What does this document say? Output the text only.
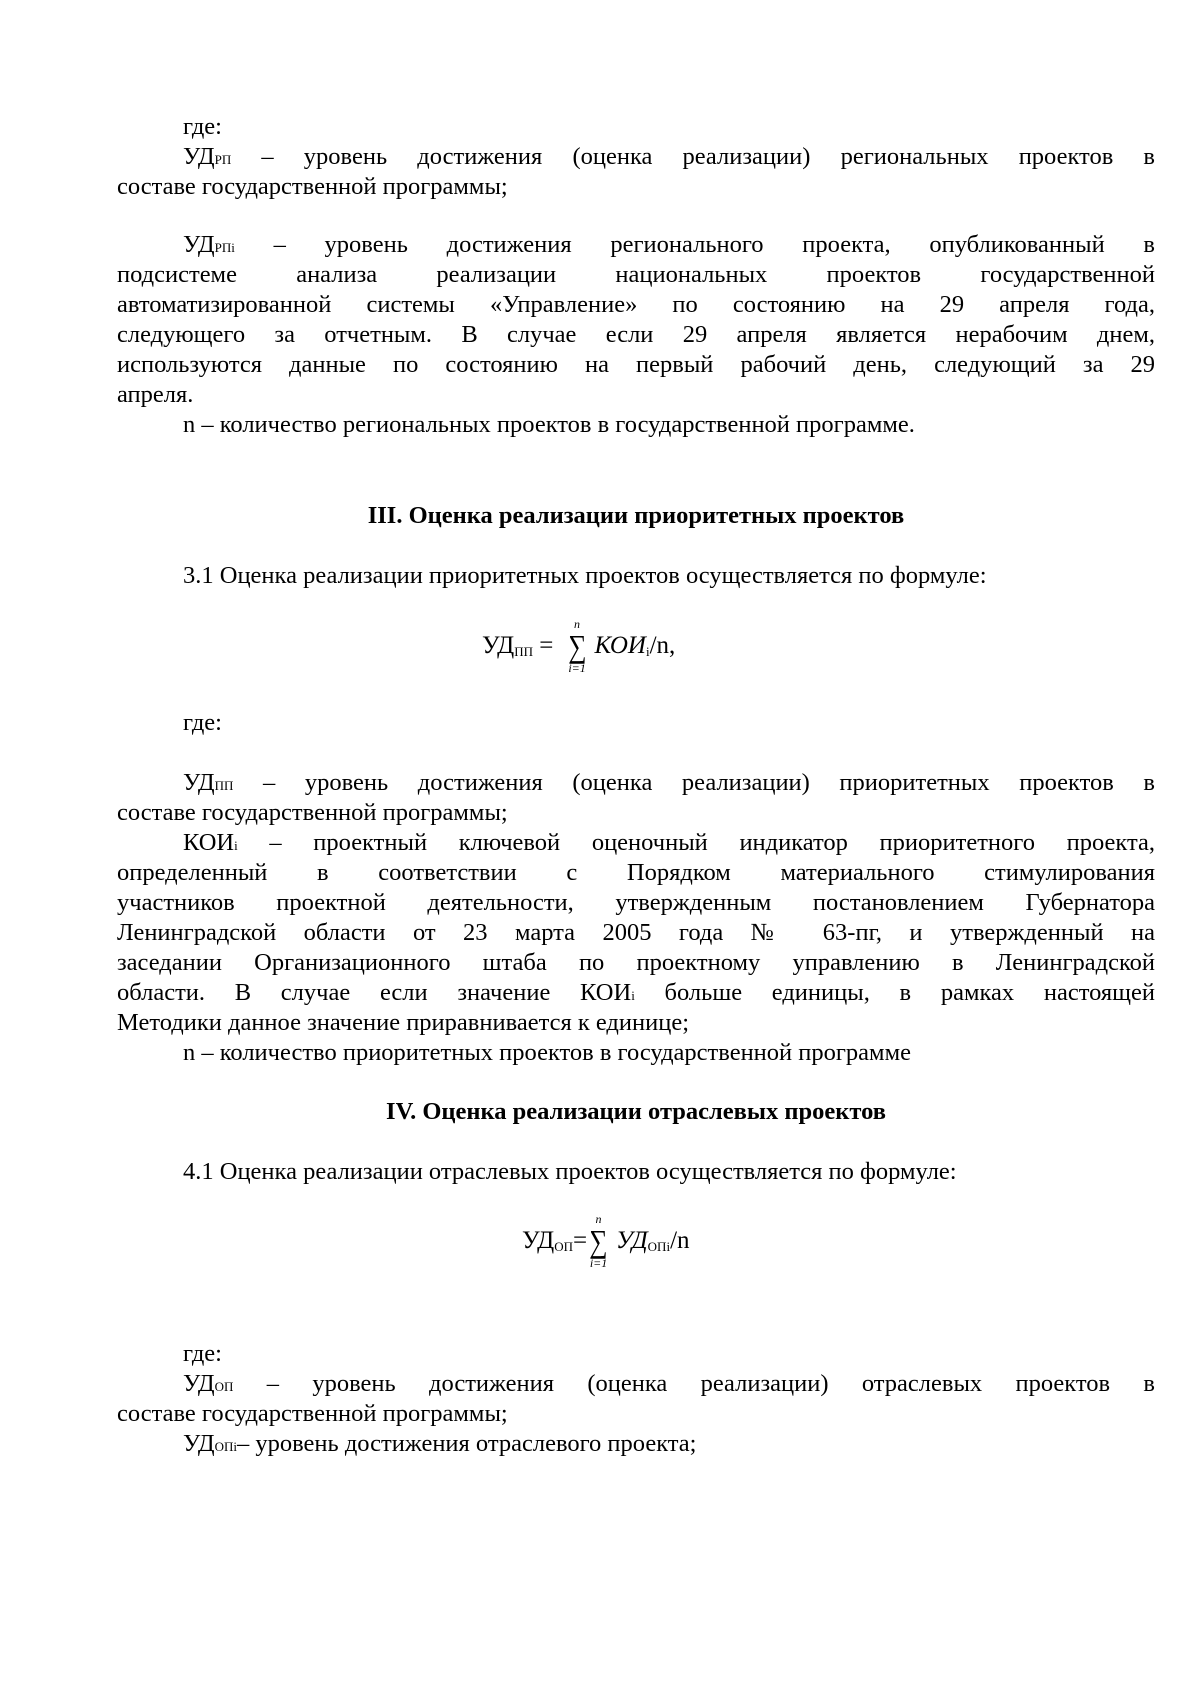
где:
УДРП – уровень достижения (оценка реализации) региональных проектов в
составе государственной программы;
УДРПi – уровень достижения регионального проекта, опубликованный в
подсистеме анализа реализации национальных проектов государственной
автоматизированной системы «Управление» по состоянию на 29 апреля года,
следующего за отчетным. В случае если 29 апреля является нерабочим днем,
используются данные по состоянию на первый рабочий день, следующий за 29
апреля.
n – количество региональных проектов в государственной программе.
III. Оценка реализации приоритетных проектов
3.1 Оценка реализации приоритетных проектов осуществляется по формуле:
УД ПП =
n
∑
i=1
КОИ i /n,
где:
УДПП – уровень достижения (оценка реализации) приоритетных проектов в
составе государственной программы;
КОИi – проектный ключевой оценочный индикатор приоритетного проекта,
определенный в соответствии с Порядком материального стимулирования
участников проектной деятельности, утвержденным постановлением Губернатора
Ленинградской области от 23 марта 2005 года № 63-пг, и утвержденный на
заседании Организационного штаба по проектному управлению в Ленинградской
области. В случае если значение КОИi больше единицы, в рамках настоящей
Методики данное значение приравнивается к единице;
n – количество приоритетных проектов в государственной программе
IV. Оценка реализации отраслевых проектов
4.1 Оценка реализации отраслевых проектов осуществляется по формуле:
УД ОП =
n
∑
i=1
УД ОПi /n
где:
УДОП – уровень достижения (оценка реализации) отраслевых проектов в
составе государственной программы;
УДОПi– уровень достижения отраслевого проекта;
